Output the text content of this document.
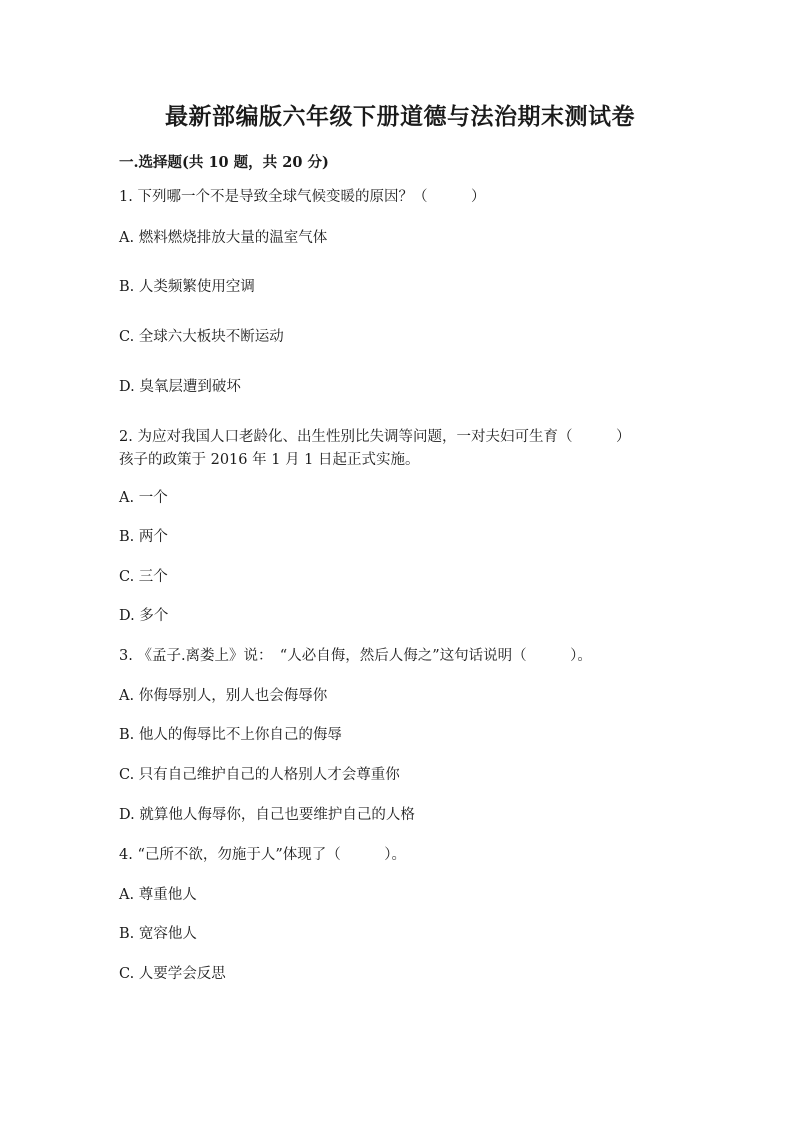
最新部编版六年级下册道德与法治期末测试卷
一.选择题(共 10 题，共 20 分)
1. 下列哪一个不是导致全球气候变暖的原因？（　　　）
A. 燃料燃烧排放大量的温室气体
B. 人类频繁使用空调
C. 全球六大板块不断运动
D. 臭氧层遭到破坏
2. 为应对我国人口老龄化、出生性别比失调等问题，一对夫妇可生育（　　　）
孩子的政策于 2016 年 1 月 1 日起正式实施。
A. 一个
B. 两个
C. 三个
D. 多个
3. 《孟子.离娄上》说：　“人必自侮，然后人侮之”这句话说明（　　　）。
A. 你侮辱别人，别人也会侮辱你
B. 他人的侮辱比不上你自己的侮辱
C. 只有自己维护自己的人格别人才会尊重你
D. 就算他人侮辱你，自己也要维护自己的人格
4. “己所不欲，勿施于人”体现了（　　　）。
A. 尊重他人
B. 宽容他人
C. 人要学会反思
